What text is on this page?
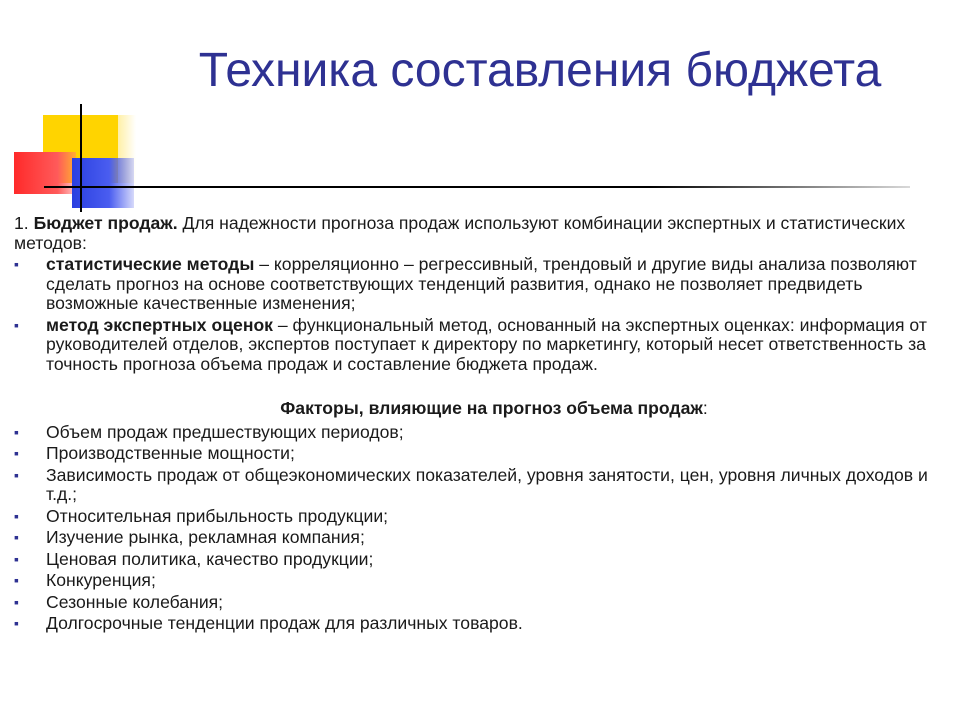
Техника составления бюджета

1. Бюджет продаж. Для надежности прогноза продаж используют комбинации экспертных и статистических методов:

▪	статистические методы – корреляционно – регрессивный, трендовый и другие виды анализа позволяют сделать прогноз на основе соответствующих тенденций развития, однако не позволяет предвидеть возможные качественные изменения;
▪	метод экспертных оценок – функциональный метод, основанный на экспертных оценках: информация от руководителей отделов, экспертов поступает к директору по маркетингу, который несет ответственность за точность прогноза объема продаж и составление бюджета продаж.

Факторы, влияющие на прогноз объема продаж:

▪	Объем продаж предшествующих периодов;
▪	Производственные мощности;
▪	Зависимость продаж от общеэкономических показателей, уровня занятости, цен, уровня личных доходов и т.д.;
▪	Относительная прибыльность продукции;
▪	Изучение рынка, рекламная компания;
▪	Ценовая политика, качество продукции;
▪	Конкуренция;
▪	Сезонные колебания;
▪	Долгосрочные тенденции продаж для различных товаров.
